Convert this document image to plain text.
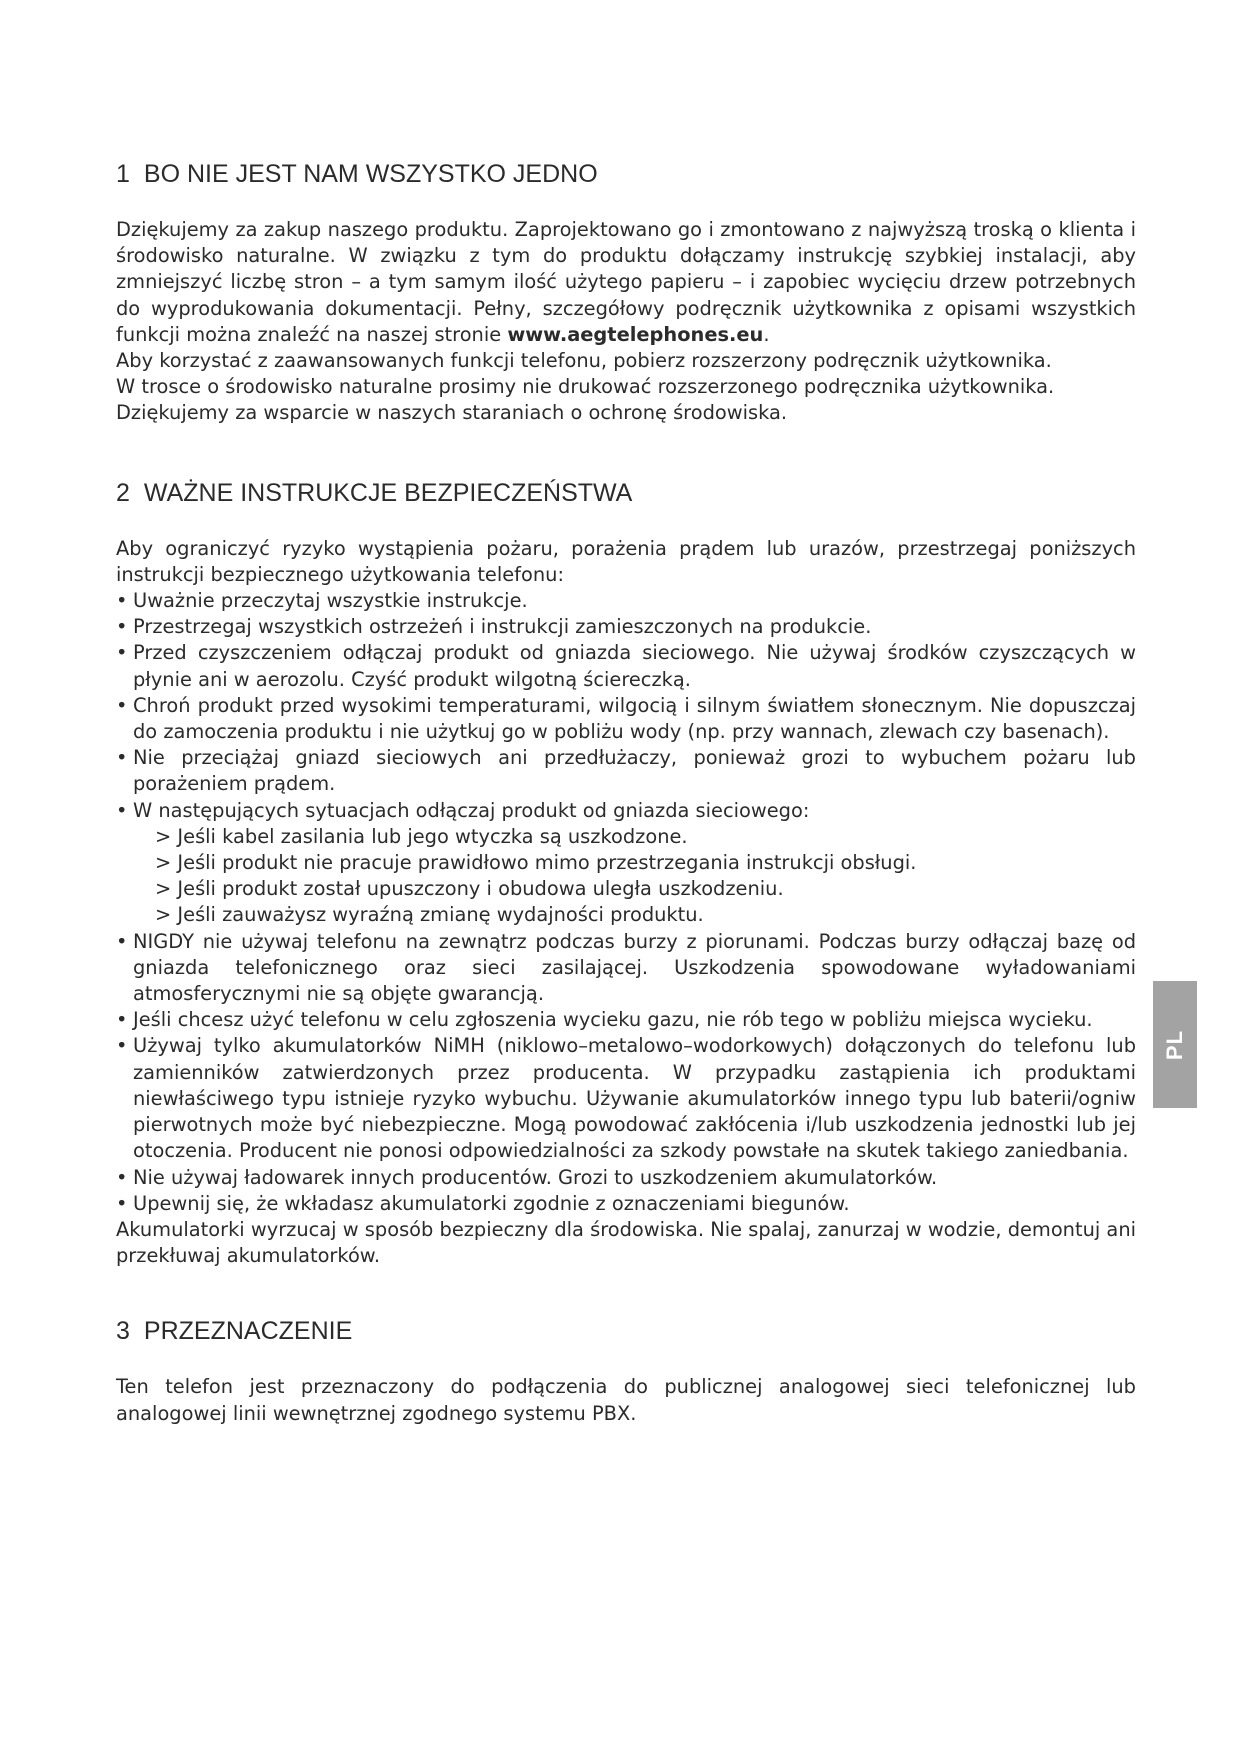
1 BO NIE JEST NAM WSZYSTKO JEDNO

Dziękujemy za zakup naszego produktu. Zaprojektowano go i zmontowano z najwyższą troską o klienta i środowisko naturalne. W związku z tym do produktu dołączamy instrukcję szybkiej instalacji, aby zmniejszyć liczbę stron – a tym samym ilość użytego papieru – i zapobiec wycięciu drzew potrzebnych do wyprodukowania dokumentacji. Pełny, szczegółowy podręcznik użytkownika z opisami wszystkich funkcji można znaleźć na naszej stronie www.aegtelephones.eu.

Aby korzystać z zaawansowanych funkcji telefonu, pobierz rozszerzony podręcznik użytkownika.

W trosce o środowisko naturalne prosimy nie drukować rozszerzonego podręcznika użytkownika.

Dziękujemy za wsparcie w naszych staraniach o ochronę środowiska.

2 WAŻNE INSTRUKCJE BEZPIECZEŃSTWA

Aby ograniczyć ryzyko wystąpienia pożaru, porażenia prądem lub urazów, przestrzegaj poniższych instrukcji bezpiecznego użytkowania telefonu:

• Uważnie przeczytaj wszystkie instrukcje.
• Przestrzegaj wszystkich ostrzeżeń i instrukcji zamieszczonych na produkcie.
• Przed czyszczeniem odłączaj produkt od gniazda sieciowego. Nie używaj środków czyszczących w płynie ani w aerozolu. Czyść produkt wilgotną ściereczką.
• Chroń produkt przed wysokimi temperaturami, wilgocią i silnym światłem słonecznym. Nie dopuszczaj do zamoczenia produktu i nie użytkuj go w pobliżu wody (np. przy wannach, zlewach czy basenach).
• Nie przeciążaj gniazd sieciowych ani przedłużaczy, ponieważ grozi to wybuchem pożaru lub porażeniem prądem.
• W następujących sytuacjach odłączaj produkt od gniazda sieciowego:
> Jeśli kabel zasilania lub jego wtyczka są uszkodzone.
> Jeśli produkt nie pracuje prawidłowo mimo przestrzegania instrukcji obsługi.
> Jeśli produkt został upuszczony i obudowa uległa uszkodzeniu.
> Jeśli zauważysz wyraźną zmianę wydajności produktu.
• NIGDY nie używaj telefonu na zewnątrz podczas burzy z piorunami. Podczas burzy odłączaj bazę od gniazda telefonicznego oraz sieci zasilającej. Uszkodzenia spowodowane wyładowaniami atmosferycznymi nie są objęte gwarancją.
• Jeśli chcesz użyć telefonu w celu zgłoszenia wycieku gazu, nie rób tego w pobliżu miejsca wycieku.
• Używaj tylko akumulatorków NiMH (niklowo–metalowo–wodorkowych) dołączonych do telefonu lub zamienników zatwierdzonych przez producenta. W przypadku zastąpienia ich produktami niewłaściwego typu istnieje ryzyko wybuchu. Używanie akumulatorków innego typu lub baterii/ogniw pierwotnych może być niebezpieczne. Mogą powodować zakłócenia i/lub uszkodzenia jednostki lub jej otoczenia. Producent nie ponosi odpowiedzialności za szkody powstałe na skutek takiego zaniedbania.
• Nie używaj ładowarek innych producentów. Grozi to uszkodzeniem akumulatorków.
• Upewnij się, że wkładasz akumulatorki zgodnie z oznaczeniami biegunów.

Akumulatorki wyrzucaj w sposób bezpieczny dla środowiska. Nie spalaj, zanurzaj w wodzie, demontuj ani przekłuwaj akumulatorków.

3 PRZEZNACZENIE

Ten telefon jest przeznaczony do podłączenia do publicznej analogowej sieci telefonicznej lub analogowej linii wewnętrznej zgodnego systemu PBX.

PL
